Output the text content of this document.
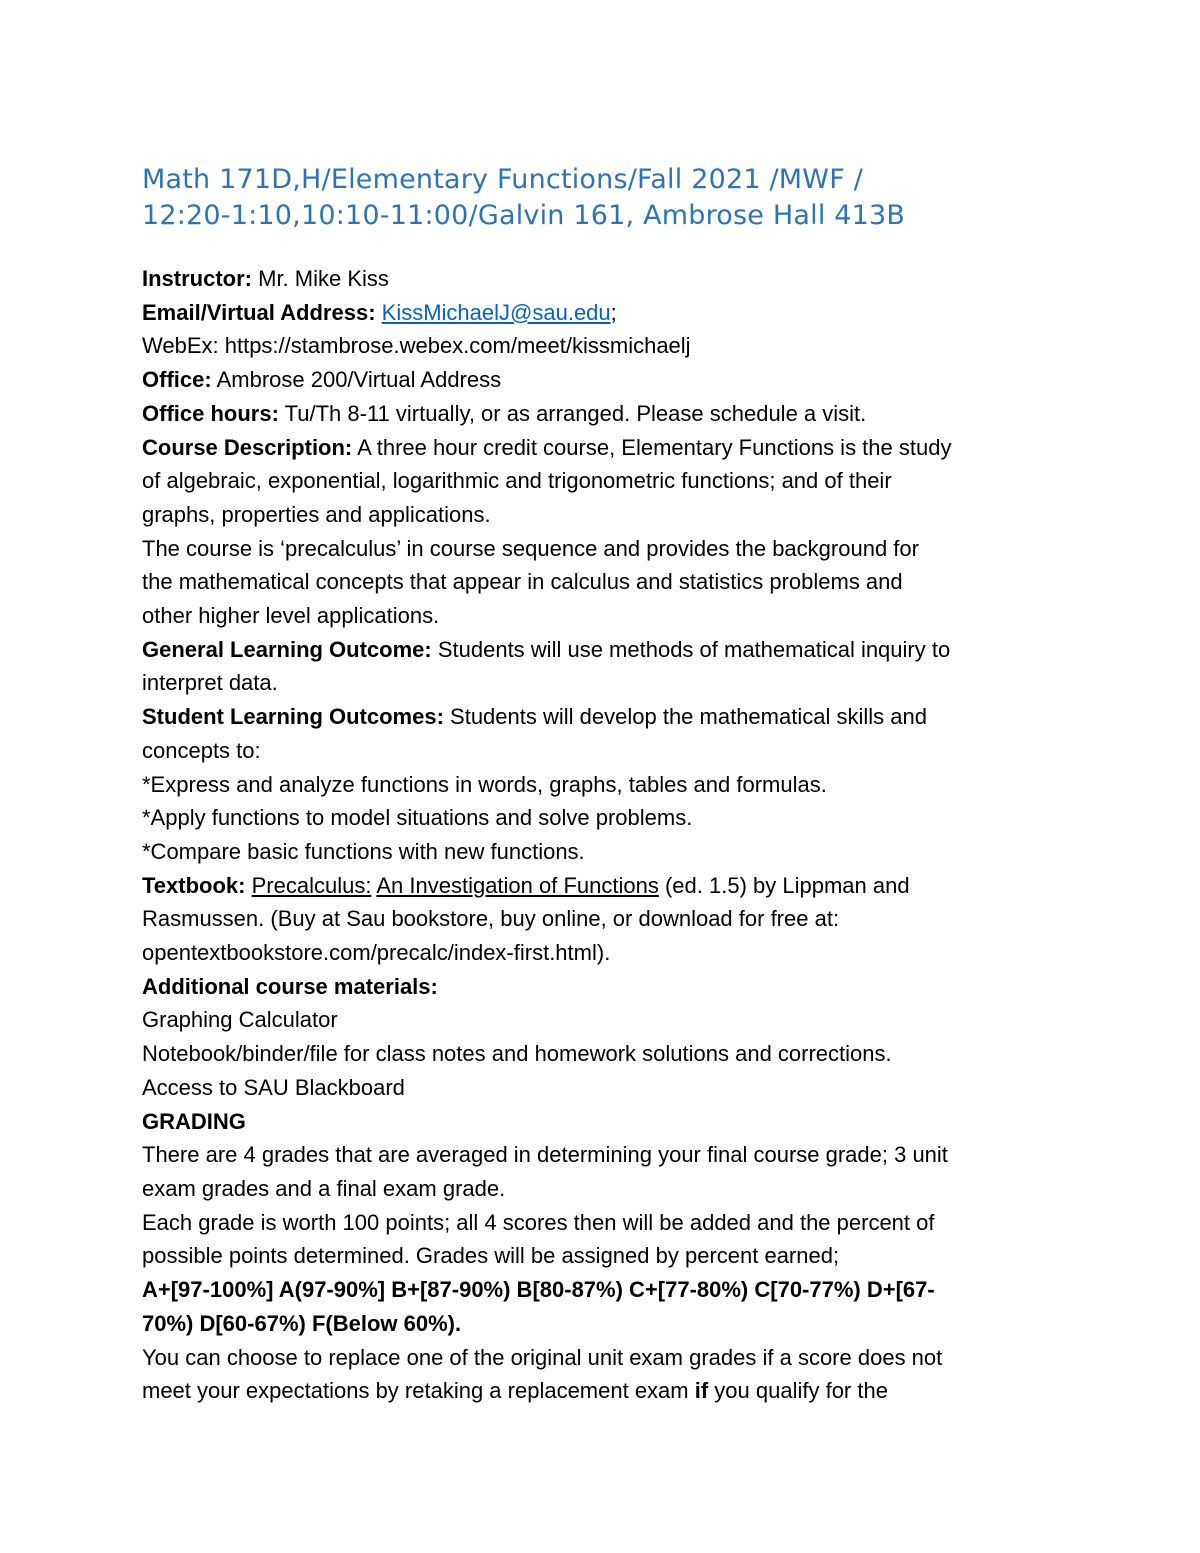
Math 171D,H/Elementary Functions/Fall 2021 /MWF /
12:20-1:10,10:10-11:00/Galvin 161, Ambrose Hall 413B
Instructor: Mr. Mike Kiss
Email/Virtual Address: KissMichaelJ@sau.edu;
WebEx: https://stambrose.webex.com/meet/kissmichaelj
Office: Ambrose 200/Virtual Address
Office hours: Tu/Th 8-11 virtually, or as arranged. Please schedule a visit.
Course Description: A three hour credit course, Elementary Functions is the study
of algebraic, exponential, logarithmic and trigonometric functions; and of their
graphs, properties and applications.
The course is ‘precalculus’ in course sequence and provides the background for
the mathematical concepts that appear in calculus and statistics problems and
other higher level applications.
General Learning Outcome: Students will use methods of mathematical inquiry to
interpret data.
Student Learning Outcomes: Students will develop the mathematical skills and
concepts to:
*Express and analyze functions in words, graphs, tables and formulas.
*Apply functions to model situations and solve problems.
*Compare basic functions with new functions.
Textbook: Precalculus: An Investigation of Functions (ed. 1.5) by Lippman and
Rasmussen. (Buy at Sau bookstore, buy online, or download for free at:
opentextbookstore.com/precalc/index-first.html).
Additional course materials:
Graphing Calculator
Notebook/binder/file for class notes and homework solutions and corrections.
Access to SAU Blackboard
GRADING
There are 4 grades that are averaged in determining your final course grade; 3 unit
exam grades and a final exam grade.
Each grade is worth 100 points; all 4 scores then will be added and the percent of
possible points determined. Grades will be assigned by percent earned;
A+[97-100%] A(97-90%] B+[87-90%) B[80-87%) C+[77-80%) C[70-77%) D+[67-
70%) D[60-67%) F(Below 60%).
You can choose to replace one of the original unit exam grades if a score does not
meet your expectations by retaking a replacement exam if you qualify for the
